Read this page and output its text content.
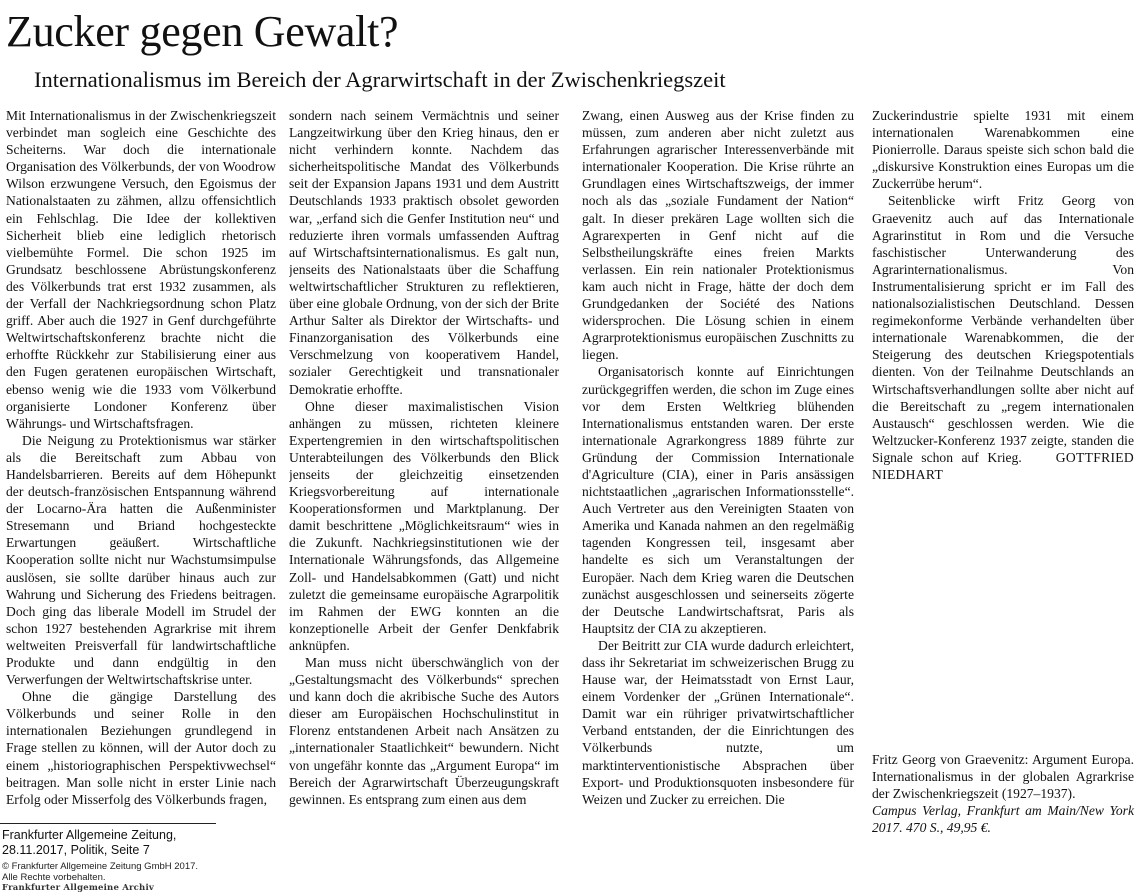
Zucker gegen Gewalt?
Internationalismus im Bereich der Agrarwirtschaft in der Zwischenkriegszeit

Mit Internationalismus in der Zwischenkriegszeit verbindet man sogleich eine Geschichte des Scheiterns. War doch die internationale Organisation des Völkerbunds, der von Woodrow Wilson erzwungene Versuch, den Egoismus der Nationalstaaten zu zähmen, allzu offensichtlich ein Fehlschlag. Die Idee der kollektiven Sicherheit blieb eine lediglich rhetorisch vielbemühte Formel. Die schon 1925 im Grundsatz beschlossene Abrüstungskonferenz des Völkerbunds trat erst 1932 zusammen, als der Verfall der Nachkriegsordnung schon Platz griff. Aber auch die 1927 in Genf durchgeführte Weltwirtschaftskonferenz brachte nicht die erhoffte Rückkehr zur Stabilisierung einer aus den Fugen geratenen europäischen Wirtschaft, ebenso wenig wie die 1933 vom Völkerbund organisierte Londoner Konferenz über Währungs- und Wirtschaftsfragen.

Die Neigung zu Protektionismus war stärker als die Bereitschaft zum Abbau von Handelsbarrieren. Bereits auf dem Höhepunkt der deutsch-französischen Entspannung während der Locarno-Ära hatten die Außenminister Stresemann und Briand hochgesteckte Erwartungen geäußert. Wirtschaftliche Kooperation sollte nicht nur Wachstumsimpulse auslösen, sie sollte darüber hinaus auch zur Wahrung und Sicherung des Friedens beitragen. Doch ging das liberale Modell im Strudel der schon 1927 bestehenden Agrarkrise mit ihrem weltweiten Preisverfall für landwirtschaftliche Produkte und dann endgültig in den Verwerfungen der Weltwirtschaftskrise unter.

Ohne die gängige Darstellung des Völkerbunds und seiner Rolle in den internationalen Beziehungen grundlegend in Frage stellen zu können, will der Autor doch zu einem „historiographischen Perspektivwechsel“ beitragen. Man solle nicht in erster Linie nach Erfolg oder Misserfolg des Völkerbunds fragen,

sondern nach seinem Vermächtnis und seiner Langzeitwirkung über den Krieg hinaus, den er nicht verhindern konnte. Nachdem das sicherheitspolitische Mandat des Völkerbunds seit der Expansion Japans 1931 und dem Austritt Deutschlands 1933 praktisch obsolet geworden war, „erfand sich die Genfer Institution neu“ und reduzierte ihren vormals umfassenden Auftrag auf Wirtschaftsinternationalismus. Es galt nun, jenseits des Nationalstaats über die Schaffung weltwirtschaftlicher Strukturen zu reflektieren, über eine globale Ordnung, von der sich der Brite Arthur Salter als Direktor der Wirtschafts- und Finanzorganisation des Völkerbunds eine Verschmelzung von kooperativem Handel, sozialer Gerechtigkeit und transnationaler Demokratie erhoffte.

Ohne dieser maximalistischen Vision anhängen zu müssen, richteten kleinere Expertengremien in den wirtschaftspolitischen Unterabteilungen des Völkerbunds den Blick jenseits der gleichzeitig einsetzenden Kriegsvorbereitung auf internationale Kooperationsformen und Marktplanung. Der damit beschrittene „Möglichkeitsraum“ wies in die Zukunft. Nachkriegsinstitutionen wie der Internationale Währungsfonds, das Allgemeine Zoll- und Handelsabkommen (Gatt) und nicht zuletzt die gemeinsame europäische Agrarpolitik im Rahmen der EWG konnten an die konzeptionelle Arbeit der Genfer Denkfabrik anknüpfen.

Man muss nicht überschwänglich von der „Gestaltungsmacht des Völkerbunds“ sprechen und kann doch die akribische Suche des Autors dieser am Europäischen Hochschulinstitut in Florenz entstandenen Arbeit nach Ansätzen zu „internationaler Staatlichkeit“ bewundern. Nicht von ungefähr konnte das „Argument Europa“ im Bereich der Agrarwirtschaft Überzeugungskraft gewinnen. Es entsprang zum einen aus dem

Zwang, einen Ausweg aus der Krise finden zu müssen, zum anderen aber nicht zuletzt aus Erfahrungen agrarischer Interessenverbände mit internationaler Kooperation. Die Krise rührte an Grundlagen eines Wirtschaftszweigs, der immer noch als das „soziale Fundament der Nation“ galt. In dieser prekären Lage wollten sich die Agrarexperten in Genf nicht auf die Selbstheilungskräfte eines freien Markts verlassen. Ein rein nationaler Protektionismus kam auch nicht in Frage, hätte der doch dem Grundgedanken der Société des Nations widersprochen. Die Lösung schien in einem Agrarprotektionismus europäischen Zuschnitts zu liegen.

Organisatorisch konnte auf Einrichtungen zurückgegriffen werden, die schon im Zuge eines vor dem Ersten Weltkrieg blühenden Internationalismus entstanden waren. Der erste internationale Agrarkongress 1889 führte zur Gründung der Commission Internationale d'Agriculture (CIA), einer in Paris ansässigen nichtstaatlichen „agrarischen Informationsstelle“. Auch Vertreter aus den Vereinigten Staaten von Amerika und Kanada nahmen an den regelmäßig tagenden Kongressen teil, insgesamt aber handelte es sich um Veranstaltungen der Europäer. Nach dem Krieg waren die Deutschen zunächst ausgeschlossen und seinerseits zögerte der Deutsche Landwirtschaftsrat, Paris als Hauptsitz der CIA zu akzeptieren.

Der Beitritt zur CIA wurde dadurch erleichtert, dass ihr Sekretariat im schweizerischen Brugg zu Hause war, der Heimatsstadt von Ernst Laur, einem Vordenker der „Grünen Internationale“. Damit war ein rühriger privatwirtschaftlicher Verband entstanden, der die Einrichtungen des Völkerbunds nutzte, um marktinterventionistische Absprachen über Export- und Produktionsquoten insbesondere für Weizen und Zucker zu erreichen. Die

Zuckerindustrie spielte 1931 mit einem internationalen Warenabkommen eine Pionierrolle. Daraus speiste sich schon bald die „diskursive Konstruktion eines Europas um die Zuckerrübe herum“.

Seitenblicke wirft Fritz Georg von Graevenitz auch auf das Internationale Agrarinstitut in Rom und die Versuche faschistischer Unterwanderung des Agrarinternationalismus. Von Instrumentalisierung spricht er im Fall des nationalsozialistischen Deutschland. Dessen regimekonforme Verbände verhandelten über internationale Warenabkommen, die der Steigerung des deutschen Kriegspotentials dienten. Von der Teilnahme Deutschlands an Wirtschaftsverhandlungen sollte aber nicht auf die Bereitschaft zu „regem internationalen Austausch“ geschlossen werden. Wie die Weltzucker-Konferenz 1937 zeigte, standen die Signale schon auf Krieg.	GOTTFRIED NIEDHART

Fritz Georg von Graevenitz: Argument Europa. Internationalismus in der globalen Agrarkrise der Zwischenkriegszeit (1927–1937).
Campus Verlag, Frankfurt am Main/New York 2017. 470 S., 49,95 €.
Frankfurter Allgemeine Zeitung,
28.11.2017, Politik, Seite 7
© Frankfurter Allgemeine Zeitung GmbH 2017.
Alle Rechte vorbehalten.
Frankfurter Allgemeine Archiv
